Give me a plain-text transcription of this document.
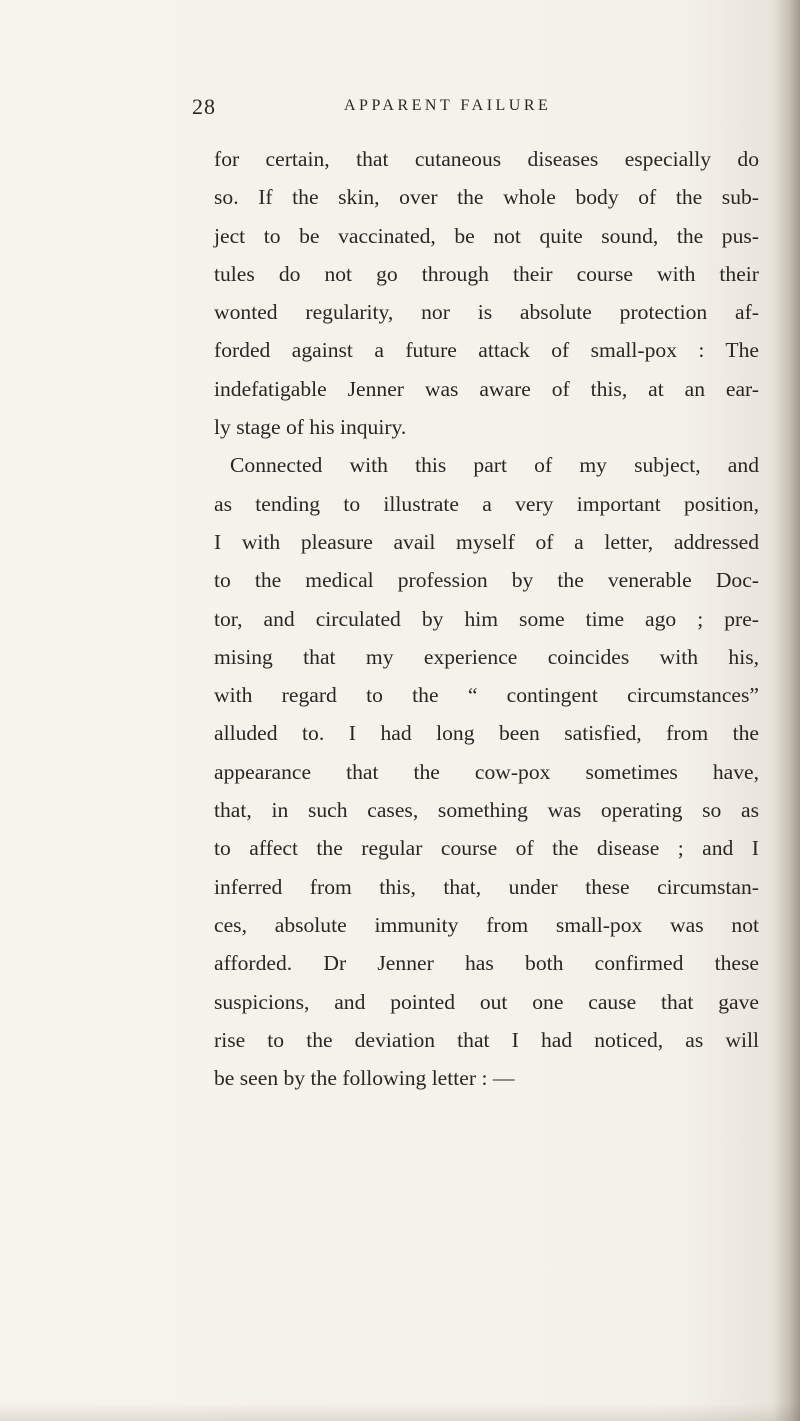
28	APPARENT FAILURE
for certain, that cutaneous diseases especially do
so. If the skin, over the whole body of the sub-
ject to be vaccinated, be not quite sound, the pus-
tules do not go through their course with their
wonted regularity, nor is absolute protection af-
forded against a future attack of small-pox : The
indefatigable Jenner was aware of this, at an ear-
ly stage of his inquiry.
Connected with this part of my subject, and
as tending to illustrate a very important position,
I with pleasure avail myself of a letter, addressed
to the medical profession by the venerable Doc-
tor, and circulated by him some time ago ; pre-
mising that my experience coincides with his,
with regard to the “ contingent circumstances”
alluded to. I had long been satisfied, from the
appearance that the cow-pox sometimes have,
that, in such cases, something was operating so as
to affect the regular course of the disease ; and I
inferred from this, that, under these circumstan-
ces, absolute immunity from small-pox was not
afforded. Dr Jenner has both confirmed these
suspicions, and pointed out one cause that gave
rise to the deviation that I had noticed, as will
be seen by the following letter : —
